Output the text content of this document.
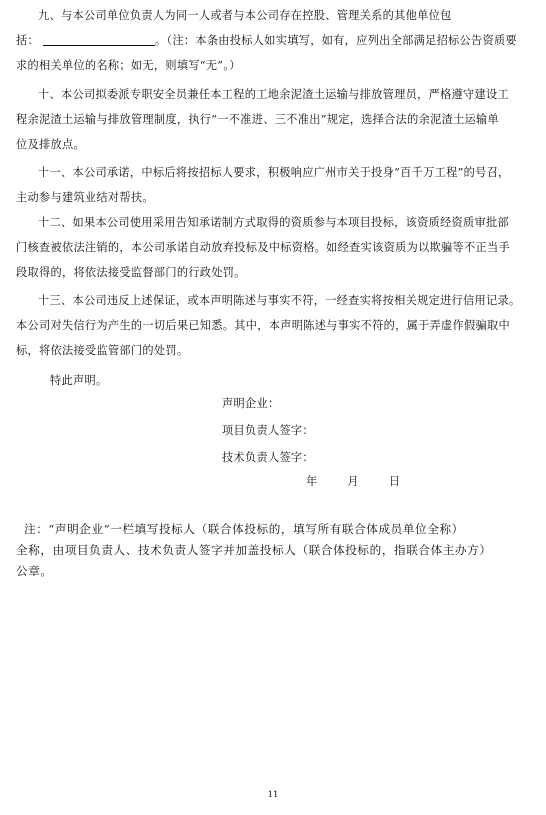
九、与本公司单位负责人为同一人或者与本公司存在控股、管理关系的其他单位包
括：	。（注：本条由投标人如实填写，如有，应列出全部满足招标公告资质要
求的相关单位的名称；如无，则填写“无”。）
十、本公司拟委派专职安全员兼任本工程的工地余泥渣土运输与排放管理员，严格遵守建设工
程余泥渣土运输与排放管理制度，执行“一不准进、三不准出”规定，选择合法的余泥渣土运输单
位及排放点。
十一、本公司承诺，中标后将按招标人要求，积极响应广州市关于投身“百千万工程”的号召，
主动参与建筑业结对帮扶。
十二、如果本公司使用采用告知承诺制方式取得的资质参与本项目投标，该资质经资质审批部
门核查被依法注销的，本公司承诺自动放弃投标及中标资格。如经查实该资质为以欺骗等不正当手
段取得的，将依法接受监督部门的行政处罚。
十三、本公司违反上述保证，或本声明陈述与事实不符，一经查实将按相关规定进行信用记录。
本公司对失信行为产生的一切后果已知悉。其中，本声明陈述与事实不符的，属于弄虚作假骗取中
标，将依法接受监管部门的处罚。
特此声明。
声明企业：
项目负责人签字：
技术负责人签字：
年	月	日
注：“声明企业”一栏填写投标人（联合体投标的，填写所有联合体成员单位全称）
全称，由项目负责人、技术负责人签字并加盖投标人（联合体投标的，指联合体主办方）
公章。
11
